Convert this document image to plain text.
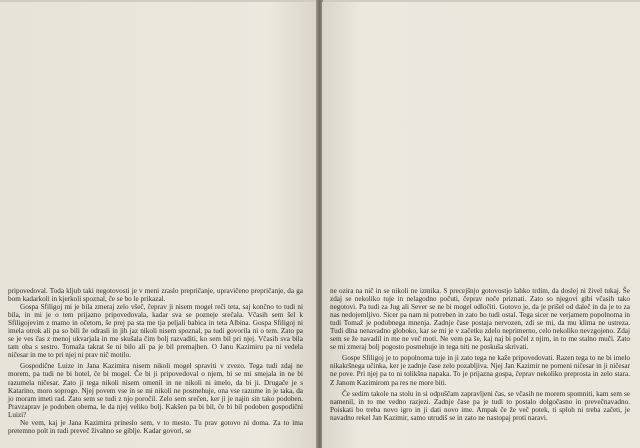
pripovedoval. Toda kljub taki negotovosti je v meni zraslo prepričanje, upravičeno prepričanje, da ga bom kadarkoli in kjerkoli spoznal, če se bo le prikazal.

Gospa Sfiligoj mi je bila zmeraj zelo všeč, čeprav ji nisem mogel reči teta, saj končno to tudi ni bila, in mi je o tem prijazno pripovedovala, kadar sva se pozneje srečala. Včasih sem šel k Sfiligojevim z mamo in očetom, še prej pa sta me tja peljali babica in teta Albina. Gospa Sfiligoj ni imela otrok ali pa so bili že odrasli in jih jaz nikoli nisem spoznal, pa tudi govorila ni o tem. Zato pa se je ves čas z menoj ukvarjala in me skušala čim bolj razvaditi, ko sem bil pri njej. Včasih sva bila tam oba s sestro. Tomaža takrat še ni bilo ali pa je bil premajhen. O Janu Kazimiru pa ni vedela ničesar in me to pri njej ni prav nič motilo.

Gospodične Luize in Jana Kazimira nisem nikoli mogel spraviti v zvezo. Tega tudi zdaj ne morem, pa tudi ne bi hotel, če bi mogel. Če bi ji pripovedoval o njem, bi se mi smejala in ne bi razumela ničesar. Zato ji tega nikoli nisem omenil in ne nikoli ni imelo, da bi ji. Drugače je s Katarino, moro soprogo. Njej povem vse in se mi nikoli ne posmehuje, ona vse razume in je taka, da jo moram imeti rad. Zato sem se tudi z njo poročil. Zelo sem srečen, ker ji je najin sin tako podoben. Pravzaprav je podoben obema, le da njej veliko bolj. Kakšen pa bi bil, če bi bil podoben gospodični Luizi?

Ne vem, kaj je Jana Kazimira prineslo sem, v to mesto. Tu prav gotovo ni doma. Za to ima pretemno polt in tudi preveč živahno se giblje. Kadar govori, se

ne ozira na nič in se nikoli ne izmika. S precejšnjo gotovostjo lahko trdim, da doslej ni živel tukaj. Še zdaj se nekoliko tuje in nelagodno počuti, čeprav noče priznati. Zato so njegovi gibi včasih tako negotovi. Pa tudi za Jug ali Sever se ne bi mogel odločiti. Gotovo je, da je prišel od daleč in da je to za nas nedojemljivo. Sicer pa nam ni potreben in zato bo tudi ostal. Tega sicer ne verjamem popolnoma in tudi Tomaž je podobnega mnenja. Zadnje čase postaja nervozen, zdi se mi, da mu klima ne ustreza. Tudi dlna nenavadno globoko, kar se mi je v začetku zdelo neprimerno, celo nekoliko nevzgojeno. Zdaj sem se že navadil in me ne več moti. Ne vem pa še, kaj naj bi počel z njim, in to me stalno muči. Zato se mi zmeraj bolj pogosto posmehuje in tega niti ne poskuša skrivati.

Gospe Sfiligoj je to popolnoma tuje in ji zato tega ne kaže pripovedovati. Razen tega to ne bi imelo nikakršnega učinka, ker je zadnje čase zelo pozabljiva. Njej Jan Kazimir ne pomeni ničesar in ji ničesar ne pove. Pri njej pa to ni tolikšna napaka. To je prijazna gospa, čeprav nekoliko preprosta in zelo stara. Z Janom Kazimirom pa res ne more biti.

Če sedim takole na stolu in si odpuščam zapravljeni čas, se včasih ne morem spomniti, kam sem se namenil, in to me vedno razjezi. Zadnje čase pa je tudi to postalo dolgočasno in prevečnavadno. Poiskati bo treba novo igro in ji dati novo ime. Ampak če že več potek, ti sploh ni treba začeti, je navadno rekel Jan Kazimir, samo utrudiš se in zato ne nastopaj proti naravi.
